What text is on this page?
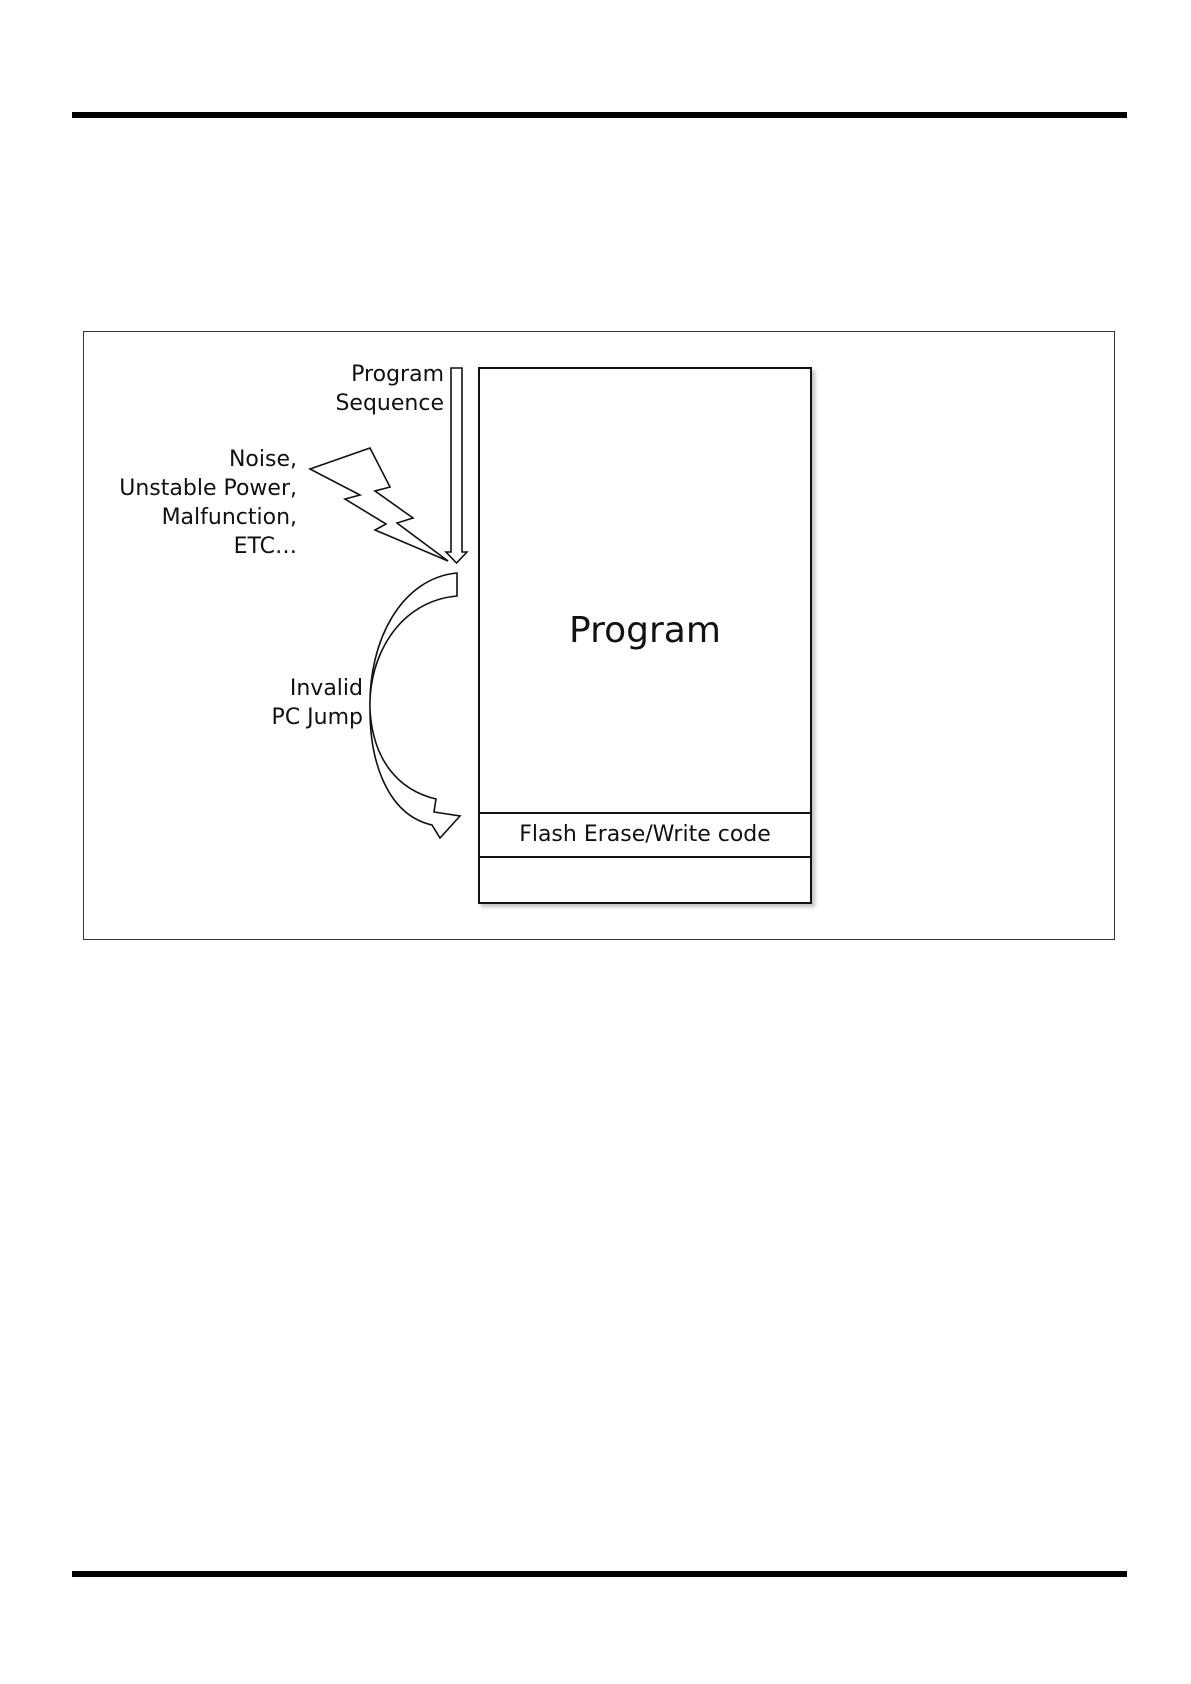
Program
Sequence
Noise,
Unstable Power,
Malfunction,
ETC…
Invalid
PC Jump
Program
Flash Erase/Write code
